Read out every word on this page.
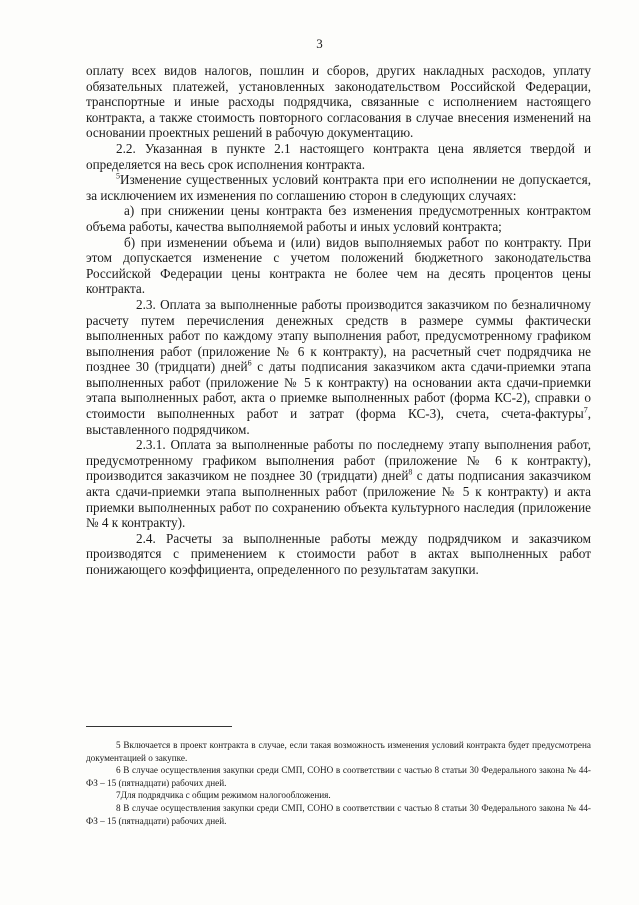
3

оплату всех видов налогов, пошлин и сборов, других накладных расходов, уплату обязательных платежей, установленных законодательством Российской Федерации, транспортные и иные расходы подрядчика, связанные с исполнением настоящего контракта, а также стоимость повторного согласования в случае внесения изменений на основании проектных решений в рабочую документацию.

2.2. Указанная в пункте 2.1 настоящего контракта цена является твердой и определяется на весь срок исполнения контракта.

$^5$Изменение существенных условий контракта при его исполнении не допускается, за исключением их изменения по соглашению сторон в следующих случаях:

а) при снижении цены контракта без изменения предусмотренных контрактом объема работы, качества выполняемой работы и иных условий контракта;

б) при изменении объема и (или) видов выполняемых работ по контракту. При этом допускается изменение с учетом положений бюджетного законодательства Российской Федерации цены контракта не более чем на десять процентов цены контракта.

2.3. Оплата за выполненные работы производится заказчиком по безналичному расчету путем перечисления денежных средств в размере суммы фактически выполненных работ по каждому этапу выполнения работ, предусмотренному графиком выполнения работ (приложение № 6 к контракту), на расчетный счет подрядчика не позднее 30 (тридцати) дней$^6$ с даты подписания заказчиком акта сдачи-приемки этапа выполненных работ (приложение № 5 к контракту) на основании акта сдачи-приемки этапа выполненных работ, акта о приемке выполненных работ (форма КС-2), справки о стоимости выполненных работ и затрат (форма КС-3), счета, счета-фактуры$^7$, выставленного подрядчиком.

2.3.1. Оплата за выполненные работы по последнему этапу выполнения работ, предусмотренному графиком выполнения работ (приложение № 6 к контракту), производится заказчиком не позднее 30 (тридцати) дней$^8$ с даты подписания заказчиком акта сдачи-приемки этапа выполненных работ (приложение № 5 к контракту) и акта приемки выполненных работ по сохранению объекта культурного наследия (приложение № 4 к контракту).

2.4. Расчеты за выполненные работы между подрядчиком и заказчиком производятся с применением к стоимости работ в актах выполненных работ понижающего коэффициента, определенного по результатам закупки.

5 Включается в проект контракта в случае, если такая возможность изменения условий контракта будет предусмотрена документацией о закупке.

6 В случае осуществления закупки среди СМП, СОНО в соответствии с частью 8 статьи 30 Федерального закона № 44-ФЗ – 15 (пятнадцати) рабочих дней.

7Для подрядчика с общим режимом налогообложения.

8 В случае осуществления закупки среди СМП, СОНО в соответствии с частью 8 статьи 30 Федерального закона № 44-ФЗ – 15 (пятнадцати) рабочих дней.
